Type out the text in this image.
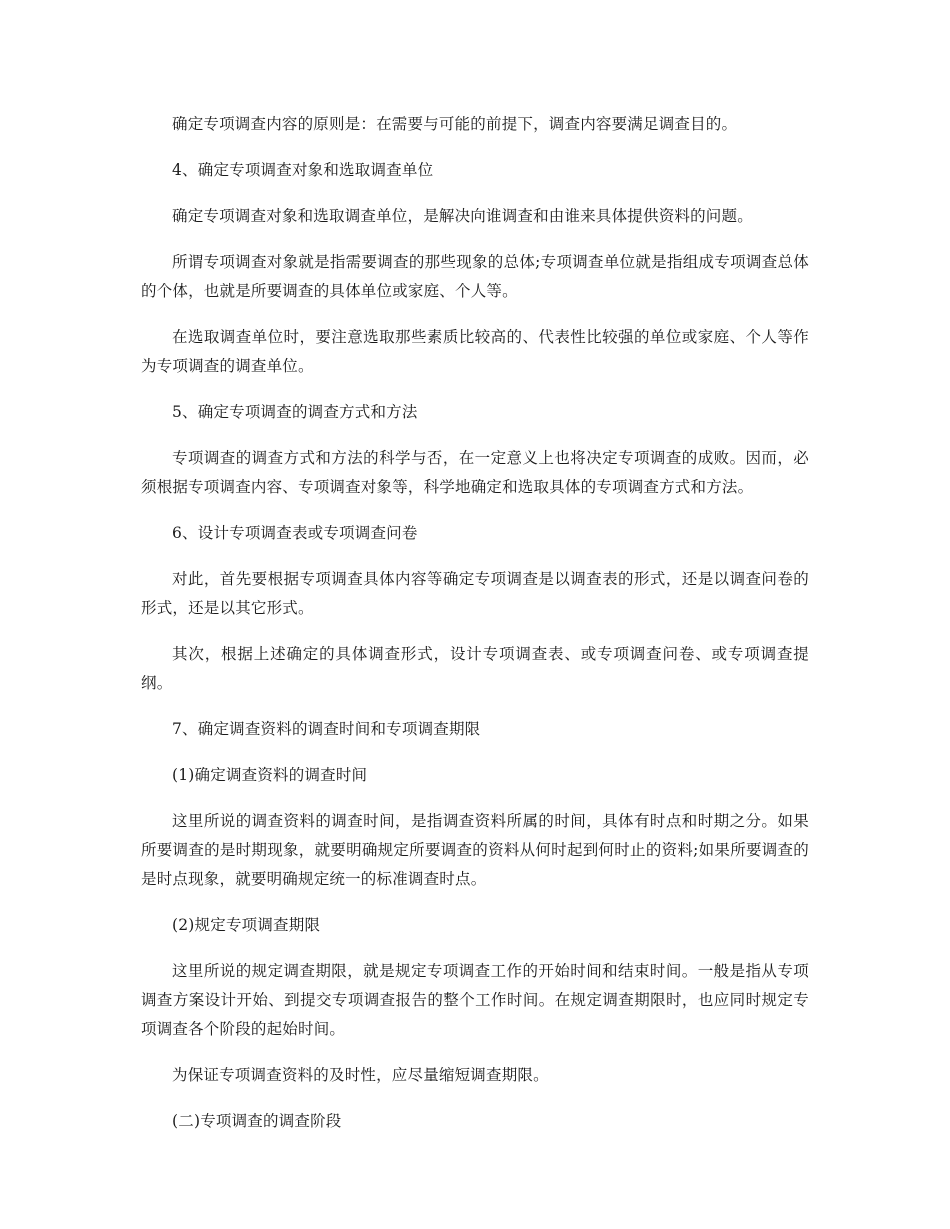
确定专项调查内容的原则是：在需要与可能的前提下，调查内容要满足调查目的。

4、确定专项调查对象和选取调查单位

确定专项调查对象和选取调查单位，是解决向谁调查和由谁来具体提供资料的问题。

所谓专项调查对象就是指需要调查的那些现象的总体;专项调查单位就是指组成专项调查总体的个体，也就是所要调查的具体单位或家庭、个人等。

在选取调查单位时，要注意选取那些素质比较高的、代表性比较强的单位或家庭、个人等作为专项调查的调查单位。

5、确定专项调查的调查方式和方法

专项调查的调查方式和方法的科学与否，在一定意义上也将决定专项调查的成败。因而，必须根据专项调查内容、专项调查对象等，科学地确定和选取具体的专项调查方式和方法。

6、设计专项调查表或专项调查问卷

对此，首先要根据专项调查具体内容等确定专项调查是以调查表的形式，还是以调查问卷的形式，还是以其它形式。

其次，根据上述确定的具体调查形式，设计专项调查表、或专项调查问卷、或专项调查提纲。

7、确定调查资料的调查时间和专项调查期限

(1)确定调查资料的调查时间

这里所说的调查资料的调查时间，是指调查资料所属的时间，具体有时点和时期之分。如果所要调查的是时期现象，就要明确规定所要调查的资料从何时起到何时止的资料;如果所要调查的是时点现象，就要明确规定统一的标准调查时点。

(2)规定专项调查期限

这里所说的规定调查期限，就是规定专项调查工作的开始时间和结束时间。一般是指从专项调查方案设计开始、到提交专项调查报告的整个工作时间。在规定调查期限时，也应同时规定专项调查各个阶段的起始时间。

为保证专项调查资料的及时性，应尽量缩短调查期限。

(二)专项调查的调查阶段
